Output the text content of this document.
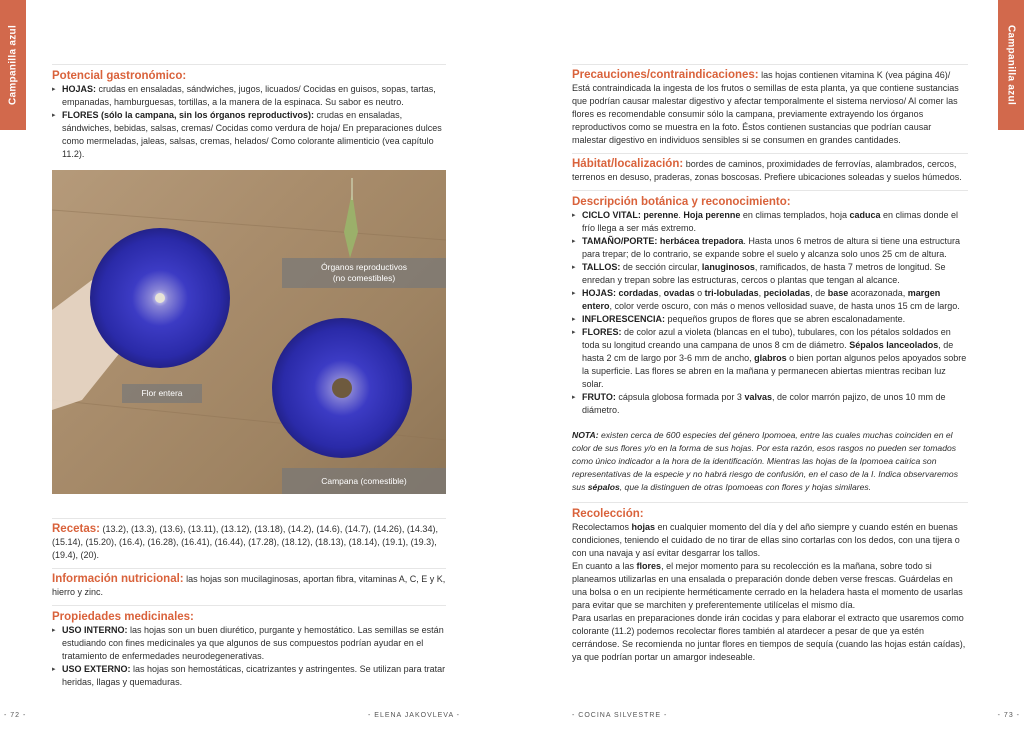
Campanilla azul	Potencial gastronómico:
▸ HOJAS: crudas en ensaladas, sándwiches, jugos, licuados/ Cocidas en guisos, sopas, tartas, empanadas, hamburguesas, tortillas, a la manera de la espinaca. Su sabor es neutro.
▸ FLORES (sólo la campana, sin los órganos reproductivos): crudas en ensaladas, sándwiches, bebidas, salsas, cremas/ Cocidas como verdura de hoja/ En preparaciones dulces como mermeladas, jaleas, salsas, cremas, helados/ Como colorante alimenticio (vea capítulo 11.2).
Órganos reproductivos
(no comestibles)
Flor entera
Campana (comestible)

Recetas: (13.2), (13.3), (13.6), (13.11), (13.12), (13.18), (14.2), (14.6), (14.7), (14.26), (14.34), (15.14), (15.20), (16.4), (16.28), (16.41), (16.44), (17.28), (18.12), (18.13), (18.14), (19.1), (19.3), (19.4), (20).

Información nutricional: las hojas son mucilaginosas, aportan fibra, vitaminas A, C, E y K, hierro y zinc.

Propiedades medicinales:
▸ USO INTERNO: las hojas son un buen diurético, purgante y hemostático. Las semillas se están estudiando con fines medicinales ya que algunos de sus compuestos podrían ayudar en el tratamiento de enfermedades neurodegenerativas.
▸ USO EXTERNO: las hojas son hemostáticas, cicatrizantes y astringentes. Se utilizan para tratar heridas, llagas y quemaduras.
- 72 -	- ELENA JAKOVLEVA -
Campanilla azul

Precauciones/contraindicaciones: las hojas contienen vitamina K (vea página 46)/ Está contraindicada la ingesta de los frutos o semillas de esta planta, ya que contiene sustancias que podrían causar malestar digestivo y afectar temporalmente el sistema nervioso/ Al comer las flores es recomendable consumir sólo la campana, previamente extrayendo los órganos reproductivos como se muestra en la foto. Éstos contienen sustancias que podrían causar malestar digestivo en individuos sensibles si se consumen en grandes cantidades.

Hábitat/localización: bordes de caminos, proximidades de ferrovías, alambrados, cercos, terrenos en desuso, praderas, zonas boscosas. Prefiere ubicaciones soleadas y suelos húmedos.

Descripción botánica y reconocimiento:
▸ CICLO VITAL: perenne. Hoja perenne en climas templados, hoja caduca en climas donde el frío llega a ser más extremo.
▸ TAMAÑO/PORTE: herbácea trepadora. Hasta unos 6 metros de altura si tiene una estructura para trepar; de lo contrario, se expande sobre el suelo y alcanza solo unos 25 cm de altura.
▸ TALLOS: de sección circular, lanuginosos, ramificados, de hasta 7 metros de longitud. Se enredan y trepan sobre las estructuras, cercos o plantas que tengan al alcance.
▸ HOJAS: cordadas, ovadas o tri-lobuladas, pecioladas, de base acorazonada, margen entero, color verde oscuro, con más o menos vellosidad suave, de hasta unos 15 cm de largo.
▸ INFLORESCENCIA: pequeños grupos de flores que se abren escalonadamente.
▸ FLORES: de color azul a violeta (blancas en el tubo), tubulares, con los pétalos soldados en toda su longitud creando una campana de unos 8 cm de diámetro. Sépalos lanceolados, de hasta 2 cm de largo por 3-6 mm de ancho, glabros o bien portan algunos pelos apoyados sobre la superficie. Las flores se abren en la mañana y permanecen abiertas mientras reciban luz solar.
▸ FRUTO: cápsula globosa formada por 3 valvas, de color marrón pajizo, de unos 10 mm de diámetro.

NOTA: existen cerca de 600 especies del género Ipomoea, entre las cuales muchas coinciden en el color de sus flores y/o en la forma de sus hojas. Por esta razón, esos rasgos no pueden ser tomados como único indicador a la hora de la identificación. Mientras las hojas de la Ipomoea cairica son representativas de la especie y no habrá riesgo de confusión, en el caso de la I. Indica observaremos sus sépalos, que la distinguen de otras Ipomoeas con flores y hojas similares.

Recolección:

Recolectamos hojas en cualquier momento del día y del año siempre y cuando estén en buenas condiciones, teniendo el cuidado de no tirar de ellas sino cortarlas con los dedos, con una tijera o con una navaja y así evitar desgarrar los tallos.

En cuanto a las flores, el mejor momento para su recolección es la mañana, sobre todo si planeamos utilizarlas en una ensalada o preparación donde deben verse frescas. Guárdelas en una bolsa o en un recipiente herméticamente cerrado en la heladera hasta el momento de usarlas para evitar que se marchiten y preferentemente utilícelas el mismo día.

Para usarlas en preparaciones donde irán cocidas y para elaborar el extracto que usaremos como colorante (11.2) podemos recolectar flores también al atardecer a pesar de que ya estén cerrándose. Se recomienda no juntar flores en tiempos de sequía (cuando las hojas están caídas), ya que podrían portar un amargor indeseable.

- COCINA SILVESTRE -	- 73 -
